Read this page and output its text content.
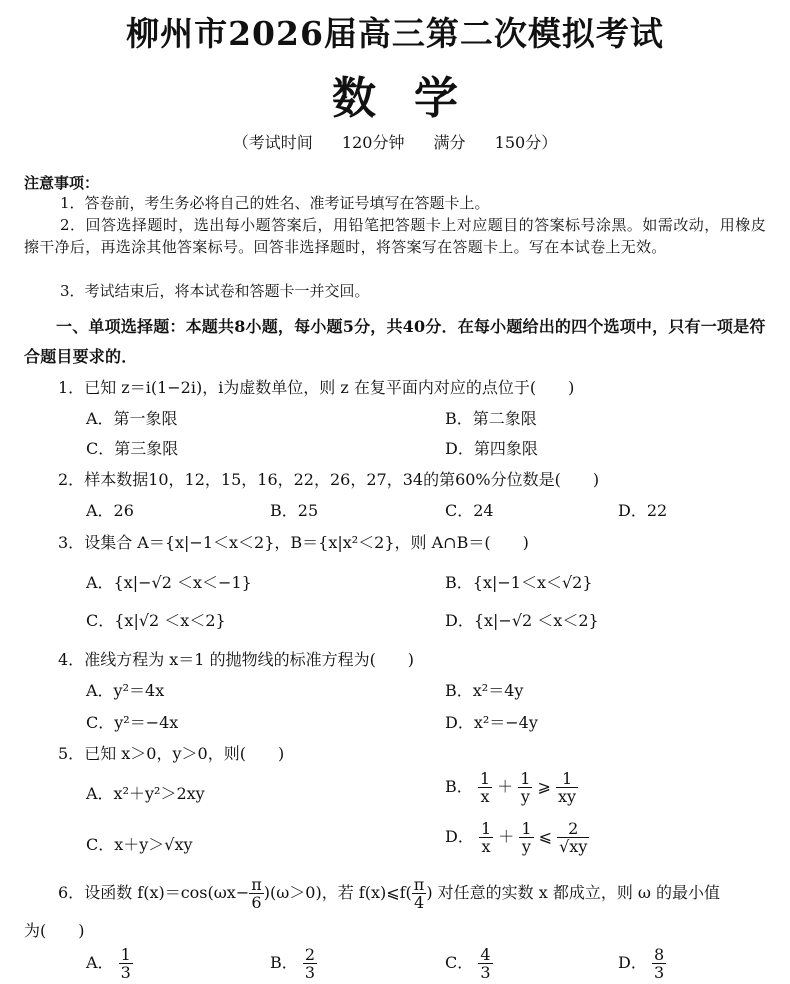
柳州市2026届高三第二次模拟考试
数学
（考试时间 120分钟 满分 150分）
注意事项：
1．答卷前，考生务必将自己的姓名、准考证号填写在答题卡上。
2．回答选择题时，选出每小题答案后，用铅笔把答题卡上对应题目的答案标号涂黑。如需改动，用橡皮擦干净后，再选涂其他答案标号。回答非选择题时，将答案写在答题卡上。写在本试卷上无效。
3．考试结束后，将本试卷和答题卡一并交回。
一、单项选择题：本题共8小题，每小题5分，共40分．在每小题给出的四个选项中，只有一项是符合题目要求的．
1．已知 z＝i(1−2i)，i为虚数单位，则 z 在复平面内对应的点位于(　　)
A．第一象限	B．第二象限
C．第三象限	D．第四象限
2．样本数据10，12，15，16，22，26，27，34的第60%分位数是(　　)
A．26	B．25	C．24	D．22
3．设集合 A＝{x|−1＜x＜2}，B＝{x|x²＜2}，则 A∩B＝(　　)
A．{x|−√2 ＜x＜−1}	B．{x|−1＜x＜√2}
C．{x|√2 ＜x＜2}	D．{x|−√2 ＜x＜2}
4．准线方程为 x＝1 的抛物线的标准方程为(　　)
A．y²＝4x	B．x²＝4y
C．y²＝−4x	D．x²＝−4y
5．已知 x＞0，y＞0，则(　　)
A．x²＋y²＞2xy	B． $\frac{1}{x} + \frac{1}{y}$ ⩾ $\frac{1}{xy}$
C．x＋y＞√xy	D． $\frac{1}{x} + \frac{1}{y}$ ⩽ $\frac{2}{√xy}$
6．设函数 $f(x)=\cos(\omega x- \frac{\pi}{6} )(\omega>0)$，若 f(x)⩽f( $\frac{\pi}{4}$ ) 对任意的实数 x 都成立，则 ω 的最小值
为(　　)
A． $\frac{1}{3}$	B． $\frac{2}{3}$	C． $\frac{4}{3}$	D． $\frac{8}{3}$
